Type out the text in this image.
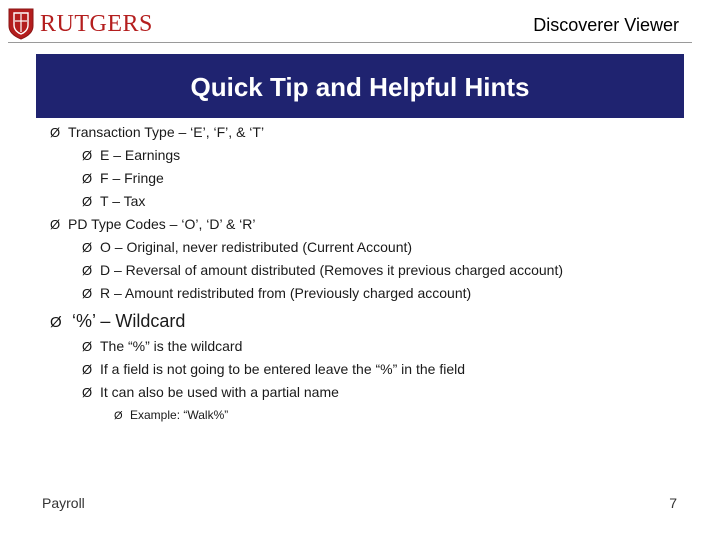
RUTGERS	Discoverer Viewer
Quick Tip and Helpful Hints
Ø Transaction Type – ‘E’, ‘F’, & ‘T’
Ø E – Earnings
Ø F – Fringe
Ø T – Tax
Ø PD Type Codes – ‘O’, ‘D’ & ‘R’
Ø O – Original, never redistributed (Current Account)
Ø D – Reversal of amount distributed (Removes it previous charged account)
Ø R – Amount redistributed from (Previously charged account)
Ø ‘%’ – Wildcard
Ø The “%” is the wildcard
Ø If a field is not going to be entered leave the “%” in the field
Ø It can also be used with a partial name
Ø Example: “Walk%”
Payroll	7
